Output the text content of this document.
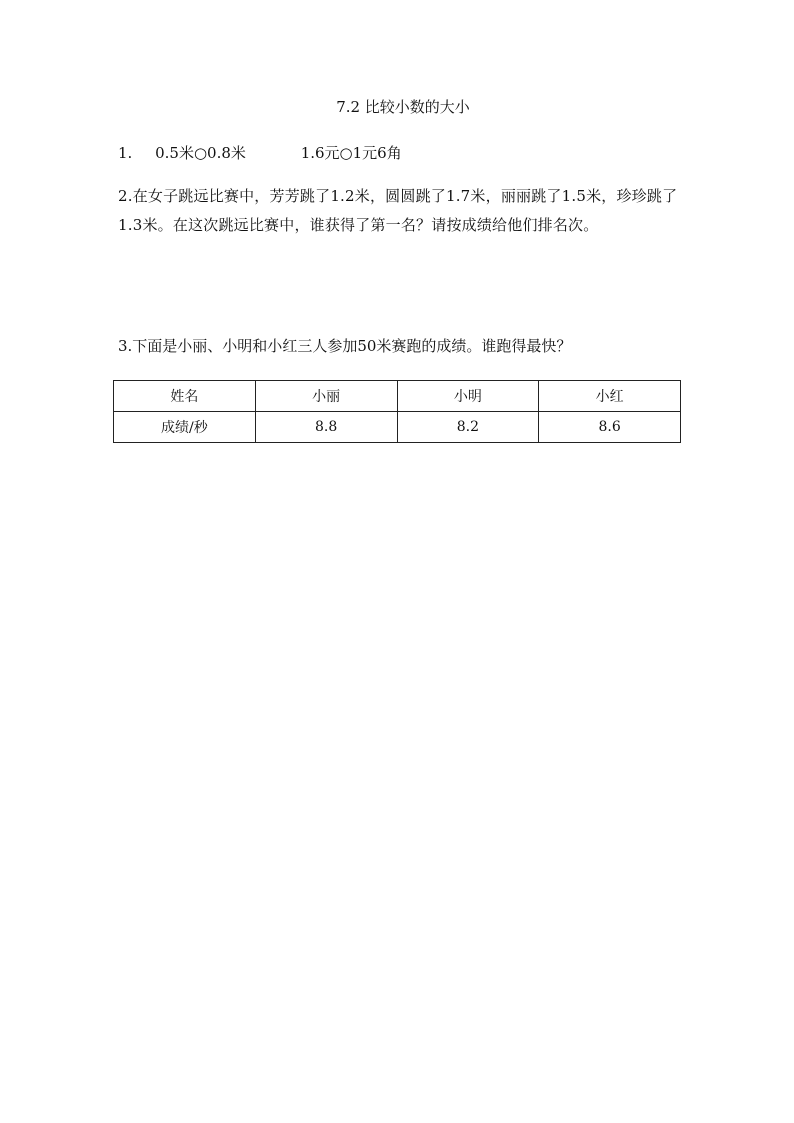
7.2 比较小数的大小
1. 0.5米○0.8米	1.6元○1元6角
2.在女子跳远比赛中，芳芳跳了1.2米，圆圆跳了1.7米，丽丽跳了1.5米，珍珍跳了1.3米。在这次跳远比赛中，谁获得了第一名？请按成绩给他们排名次。
3.下面是小丽、小明和小红三人参加50米赛跑的成绩。谁跑得最快？
姓名	小丽	小明	小红
成绩/秒	8.8	8.2	8.6
